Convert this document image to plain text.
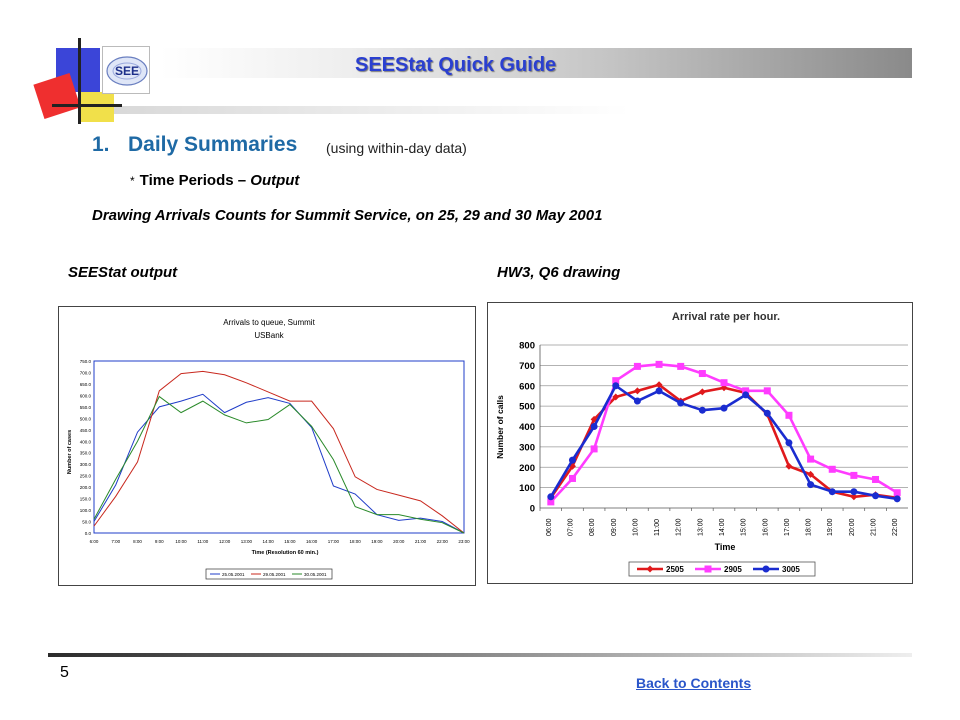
SEE	SEEStat Quick Guide
1. Daily Summaries (using within-day data)
* Time Periods – Output
Drawing Arrivals Counts for Summit Service, on 25, 29 and 30 May 2001
SEEStat output	HW3, Q6 drawing
Arrivals to queue, Summit
USBank
Time (Resolution 60 min.)
Number of cases
0.0
50.0
100.0
150.0
200.0
250.0
300.0
350.0
400.0
450.0
500.0
550.0
600.0
650.0
700.0
750.0
6:00	7:00	8:00	9:00	10:00 11:00 12:00 13:00 14:00 15:00 16:00 17:00 18:00 19:00 20:00 21:00 22:00 23:00
25.05.2001	29.05.2001	30.05.2001
Arrival rate per hour.
Time
Number of calls
0
100
200
300
400
500
600
700
800
06:00 07:00 08:00 09:00 10:00 11:00 12:00 13:00 14:00 15:00 16:00 17:00 18:00 19:00 20:00 21:00 22:00
2505	2905	3005
5
Back to Contents
